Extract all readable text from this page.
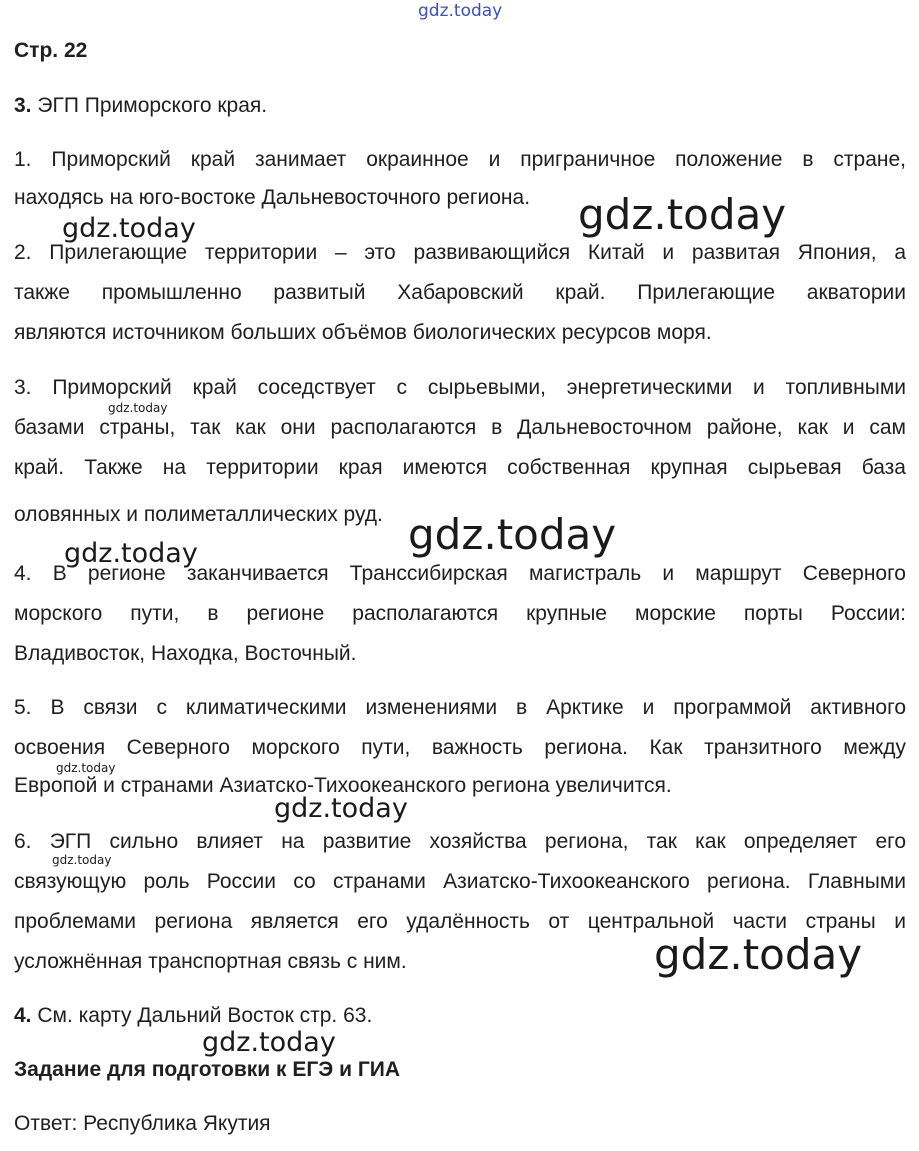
gdz.today
gdz.today
gdz.today
gdz.today
gdz.today
gdz.today
gdz.today
gdz.today
gdz.today
gdz.today
gdz.today
Стр. 22
3. ЭГП Приморского края.
1. Приморский край занимает окраинное и приграничное положение в стране,
находясь на юго-востоке Дальневосточного региона.
2. Прилегающие территории – это развивающийся Китай и развитая Япония, а
также промышленно развитый Хабаровский край. Прилегающие акватории
являются источником больших объёмов биологических ресурсов моря.
3. Приморский край соседствует с сырьевыми, энергетическими и топливными
базами страны, так как они располагаются в Дальневосточном районе, как и сам
край. Также на территории края имеются собственная крупная сырьевая база
оловянных и полиметаллических руд.
4. В регионе заканчивается Транссибирская магистраль и маршрут Северного
морского пути, в регионе располагаются крупные морские порты России:
Владивосток, Находка, Восточный.
5. В связи с климатическими изменениями в Арктике и программой активного
освоения Северного морского пути, важность региона. Как транзитного между
Европой и странами Азиатско-Тихоокеанского региона увеличится.
6. ЭГП сильно влияет на развитие хозяйства региона, так как определяет его
связующую роль России со странами Азиатско-Тихоокеанского региона. Главными
проблемами региона является его удалённость от центральной части страны и
усложнённая транспортная связь с ним.
4. См. карту Дальний Восток стр. 63.
Задание для подготовки к ЕГЭ и ГИА
Ответ: Республика Якутия
